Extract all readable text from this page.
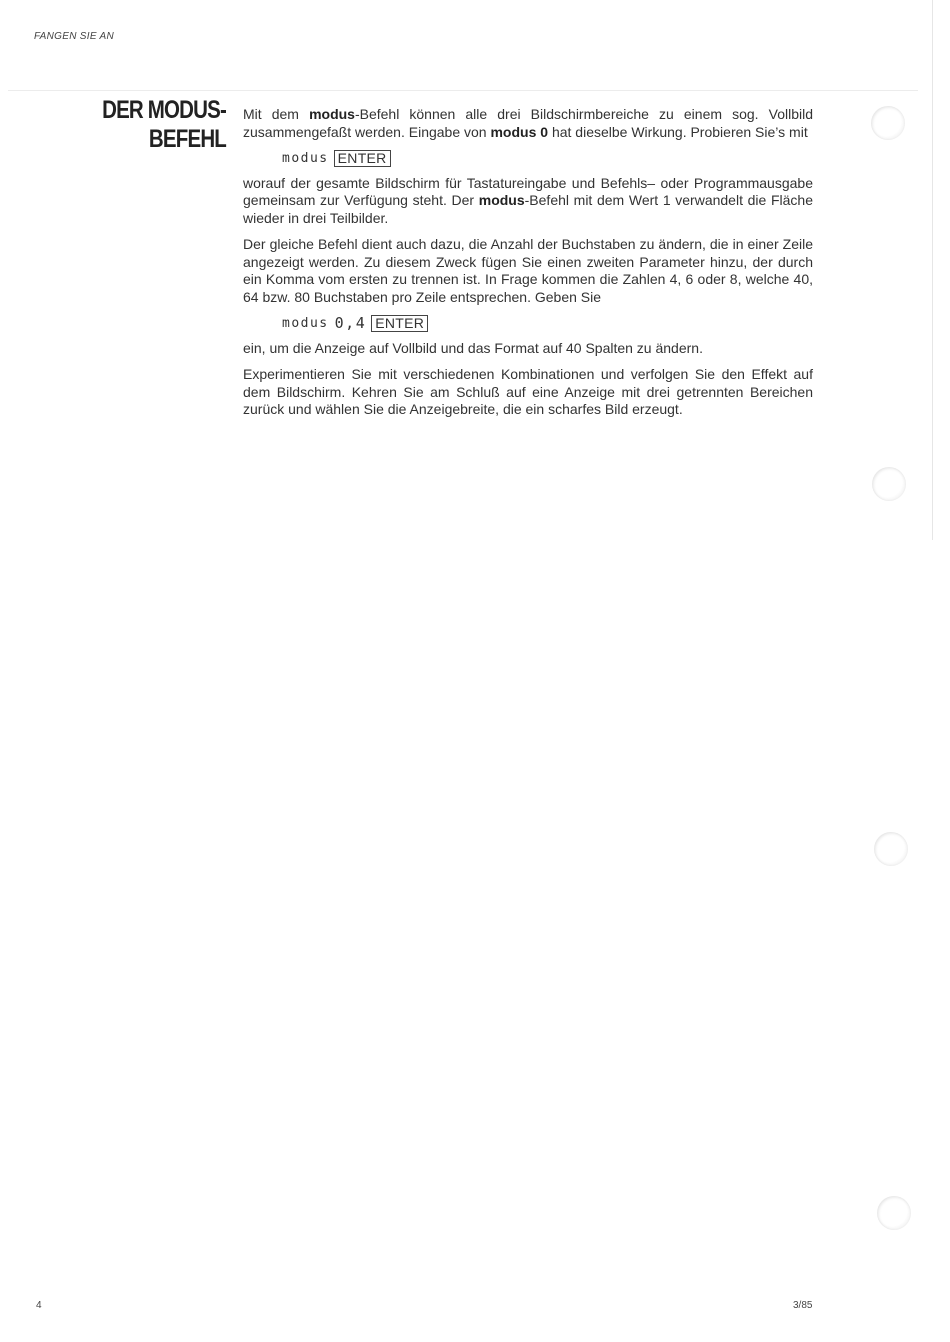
FANGEN SIE AN
DER MODUS-
BEFEHL

Mit dem modus-Befehl können alle drei Bildschirmbereiche zu einem sog. Vollbild zusammengefaßt werden. Eingabe von modus 0 hat dieselbe Wirkung. Probieren Sie’s mit

modus ENTER

worauf der gesamte Bildschirm für Tastatureingabe und Befehls– oder Programmausgabe gemeinsam zur Verfügung steht. Der modus-Befehl mit dem Wert 1 verwandelt die Fläche wieder in drei Teilbilder.

Der gleiche Befehl dient auch dazu, die Anzahl der Buchstaben zu ändern, die in einer Zeile angezeigt werden. Zu diesem Zweck fügen Sie einen zweiten Parameter hinzu, der durch ein Komma vom ersten zu trennen ist. In Frage kommen die Zahlen 4, 6 oder 8, welche 40, 64 bzw. 80 Buchstaben pro Zeile entsprechen. Geben Sie

modus 0,4 ENTER

ein, um die Anzeige auf Vollbild und das Format auf 40 Spalten zu ändern.

Experimentieren Sie mit verschiedenen Kombinationen und verfolgen Sie den Effekt auf dem Bildschirm. Kehren Sie am Schluß auf eine Anzeige mit drei getrennten Bereichen zurück und wählen Sie die Anzeigebreite, die ein scharfes Bild erzeugt.

4	3/85
